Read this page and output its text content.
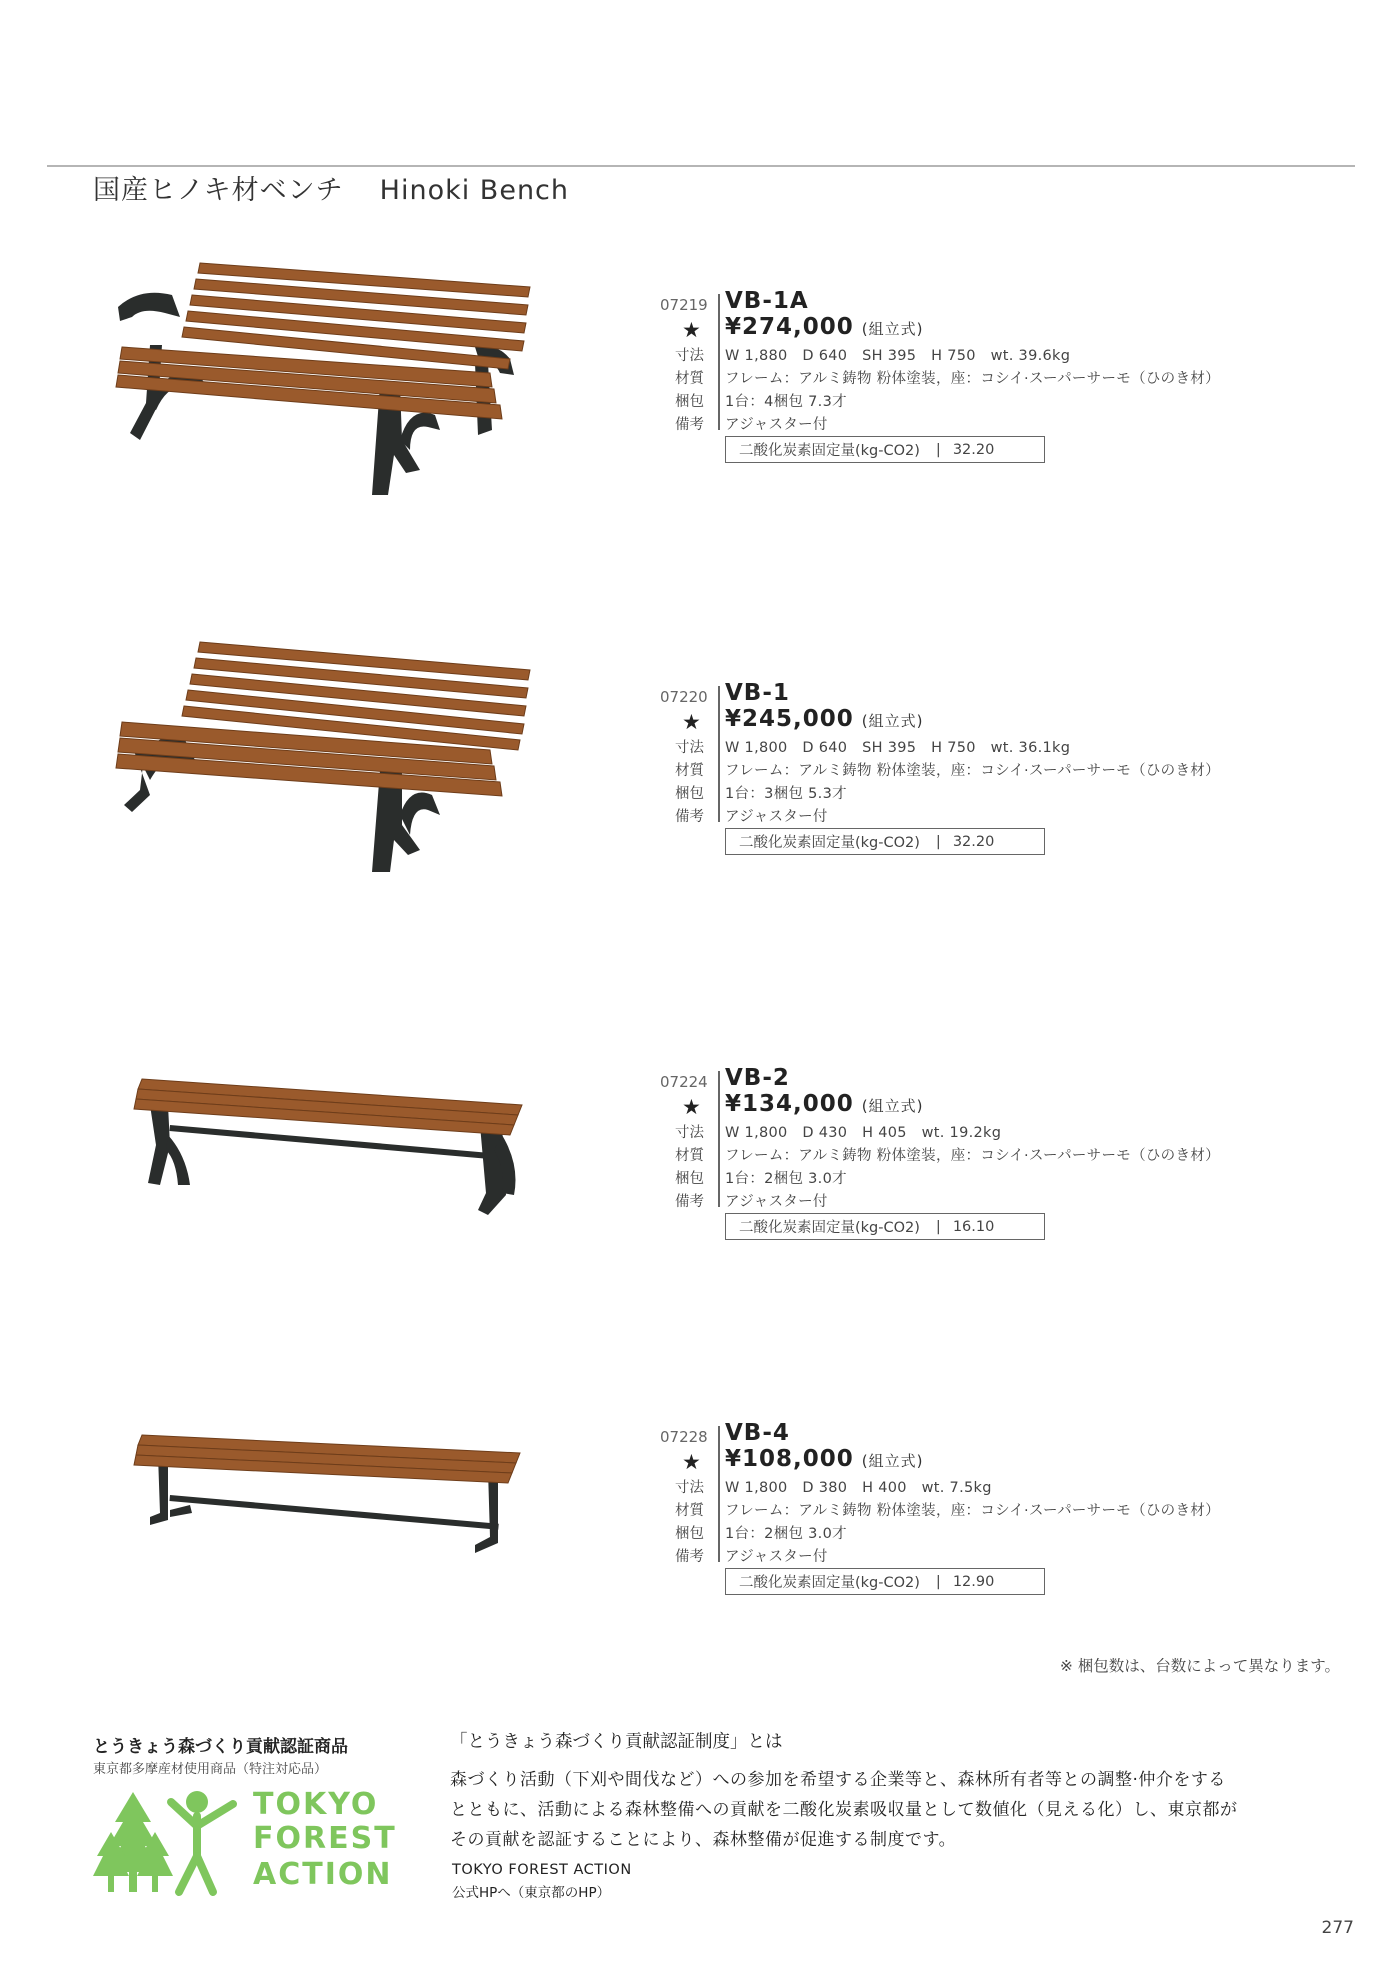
国産ヒノキ材ベンチ Hinoki Bench
07219 VB-1A
★ ¥274,000 (組立式)
寸法 W 1,880　D 640　SH 395　H 750　wt. 39.6kg
材質 フレーム：アルミ鋳物 粉体塗装，座：コシイ·スーパーサーモ（ひのき材）
梱包 1台：4梱包 7.3才
備考 アジャスター付
二酸化炭素固定量(kg-CO2) | 32.20
07220 VB-1
★ ¥245,000 (組立式)
寸法 W 1,800　D 640　SH 395　H 750　wt. 36.1kg
材質 フレーム：アルミ鋳物 粉体塗装，座：コシイ·スーパーサーモ（ひのき材）
梱包 1台：3梱包 5.3才
備考 アジャスター付
二酸化炭素固定量(kg-CO2) | 32.20
07224 VB-2
★ ¥134,000 (組立式)
寸法 W 1,800　D 430　H 405　wt. 19.2kg
材質 フレーム：アルミ鋳物 粉体塗装，座：コシイ·スーパーサーモ（ひのき材）
梱包 1台：2梱包 3.0才
備考 アジャスター付
二酸化炭素固定量(kg-CO2) | 16.10
07228 VB-4
★ ¥108,000 (組立式)
寸法 W 1,800　D 380　H 400　wt. 7.5kg
材質 フレーム：アルミ鋳物 粉体塗装，座：コシイ·スーパーサーモ（ひのき材）
梱包 1台：2梱包 3.0才
備考 アジャスター付
二酸化炭素固定量(kg-CO2) | 12.90
※ 梱包数は、台数によって異なります。
とうきょう森づくり貢献認証商品
東京都多摩産材使用商品（特注対応品）
TOKYO
FOREST
ACTION
「とうきょう森づくり貢献認証制度」とは
森づくり活動（下刈や間伐など）への参加を希望する企業等と、森林所有者等との調整·仲介をする
とともに、活動による森林整備への貢献を二酸化炭素吸収量として数値化（見える化）し、東京都が
その貢献を認証することにより、森林整備が促進する制度です。
TOKYO FOREST ACTION
公式HPへ（東京都のHP）
277
